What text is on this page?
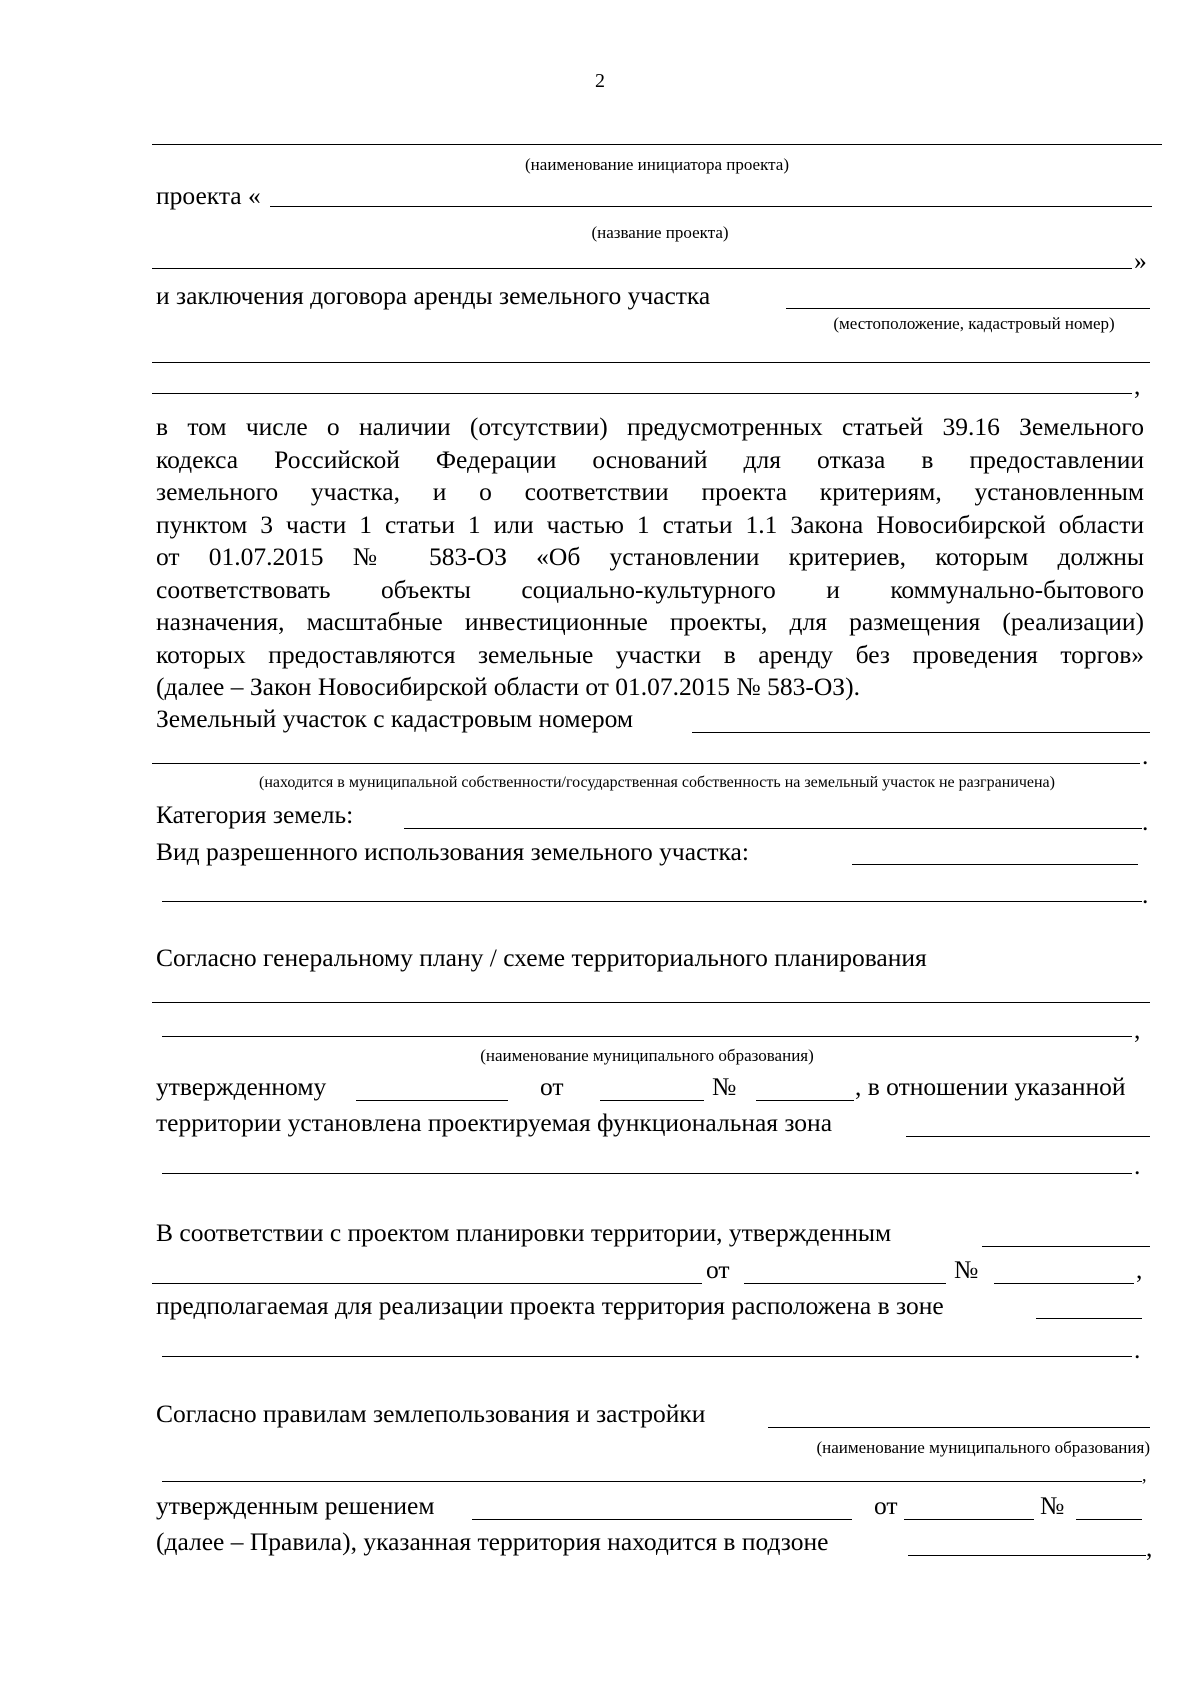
2
(наименование инициатора проекта)
проекта «
(название проекта)
»
и заключения договора аренды земельного участка
(местоположение, кадастровый номер)
,
в том числе о наличии (отсутствии) предусмотренных статьей 39.16 Земельного
кодекса Российской Федерации оснований для отказа в предоставлении
земельного участка, и о соответствии проекта критериям, установленным
пунктом 3 части 1 статьи 1 или частью 1 статьи 1.1 Закона Новосибирской области
от 01.07.2015 № 583-ОЗ «Об установлении критериев, которым должны
соответствовать объекты социально-культурного и коммунально-бытового
назначения, масштабные инвестиционные проекты, для размещения (реализации)
которых предоставляются земельные участки в аренду без проведения торгов»
(далее – Закон Новосибирской области от 01.07.2015 № 583-ОЗ).
Земельный участок с кадастровым номером
.
(находится в муниципальной собственности/государственная собственность на земельный участок не разграничена)
Категория земель:	.
Вид разрешенного использования земельного участка:
.
Согласно генеральному плану / схеме территориального планирования
,
(наименование муниципального образования)
утвержденному	от	№	, в отношении указанной
территории установлена проектируемая функциональная зона
.
В соответствии с проектом планировки территории, утвержденным
от	№	,
предполагаемая для реализации проекта территория расположена в зоне
.
Согласно правилам землепользования и застройки
(наименование муниципального образования)
,
утвержденным решением	от	№
(далее – Правила), указанная территория находится в подзоне	,
